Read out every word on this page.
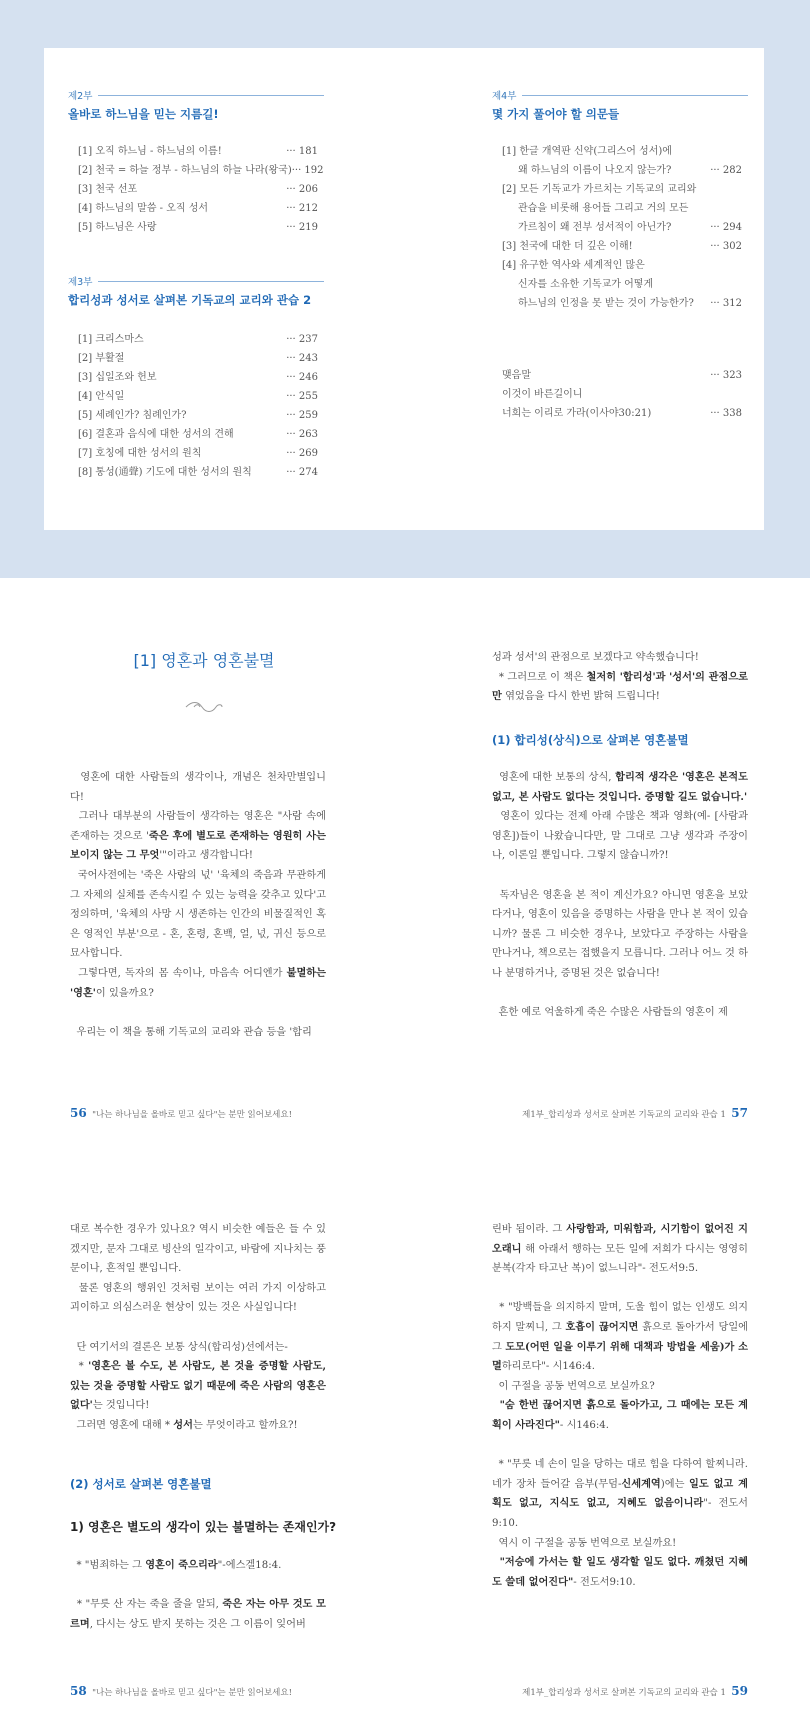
제2부
올바로 하느님을 믿는 지름길!
[1] 오직 하느님 - 하느님의 이름!	··· 181
[2] 천국 = 하늘 정부 - 하느님의 하늘 나라(왕국) ··· 192
[3] 천국 선포	··· 206
[4] 하느님의 말씀 - 오직 성서	··· 212
[5] 하느님은 사랑	··· 219
제3부
합리성과 성서로 살펴본 기독교의 교리와 관습 2
[1] 크리스마스	··· 237
[2] 부활절	··· 243
[3] 십일조와 헌보	··· 246
[4] 안식일	··· 255
[5] 세례인가? 침례인가?	··· 259
[6] 결혼과 음식에 대한 성서의 견해	··· 263
[7] 호칭에 대한 성서의 원칙	··· 269
[8] 통성(通聲) 기도에 대한 성서의 원칙	··· 274
제4부
몇 가지 풀어야 할 의문들
[1] 한글 개역판 신약(그리스어 성서)에
왜 하느님의 이름이 나오지 않는가?	··· 282
[2] 모든 기독교가 가르치는 기독교의 교리와
관습을 비롯해 용어들 그리고 거의 모든
가르침이 왜 전부 성서적이 아닌가?	··· 294
[3] 천국에 대한 더 깊은 이해!	··· 302
[4] 유구한 역사와 세계적인 많은
신자를 소유한 기독교가 어떻게
하느님의 인정을 못 받는 것이 가능한가? ··· 312
맺음말	··· 323
이것이 바른길이니
너희는 이리로 가라(이사야30:21)	··· 338
[1] 영혼과 영혼불멸

영혼에 대한 사람들의 생각이나, 개념은 천차만별입니다!

그러나 대부분의 사람들이 생각하는 영혼은 "사람 속에 존재하는 것으로 '죽은 후에 별도로 존재하는 영원히 사는 보이지 않는 그 무엇'"이라고 생각합니다!

국어사전에는 '죽은 사람의 넋' '육체의 죽음과 무관하게 그 자체의 실체를 존속시킬 수 있는 능력을 갖추고 있다'고 정의하며, '육체의 사망 시 생존하는 인간의 비물질적인 혹은 영적인 부분'으로 - 혼, 혼령, 혼백, 얼, 넋, 귀신 등으로 묘사합니다.

그렇다면, 독자의 몸 속이나, 마음속 어디엔가 불멸하는 '영혼'이 있을까요?

우리는 이 책을 통해 기독교의 교리와 관습 등을 '합리

성과 성서'의 관점으로 보겠다고 약속했습니다!

* 그러므로 이 책은 철저히 '합리성'과 '성서'의 관점으로만 엮었음을 다시 한번 밝혀 드립니다!

(1) 합리성(상식)으로 살펴본 영혼불멸

영혼에 대한 보통의 상식, 합리적 생각은 '영혼은 본적도 없고, 본 사람도 없다는 것입니다. 증명할 길도 없습니다.'

영혼이 있다는 전제 아래 수많은 책과 영화(예- [사람과 영혼])들이 나왔습니다만, 말 그대로 그냥 생각과 주장이나, 이론일 뿐입니다. 그렇지 않습니까?!

독자님은 영혼을 본 적이 계신가요? 아니면 영혼을 보았다거나, 영혼이 있음을 증명하는 사람을 만나 본 적이 있습니까? 물론 그 비슷한 경우나, 보았다고 주장하는 사람을 만나거나, 책으로는 접했을지 모릅니다. 그러나 어느 것 하나 분명하거나, 증명된 것은 없습니다!

흔한 예로 억울하게 죽은 수많은 사람들의 영혼이 제

56
"나는 하나님을 올바로 믿고 싶다"는 분만 읽어보세요!	제1부_합리성과 성서로 살펴본 기독교의 교리와 관습 1
57

대로 복수한 경우가 있나요? 역시 비슷한 예들은 들 수 있겠지만, 문자 그대로 빙산의 일각이고, 바람에 지나치는 풍문이나, 흔적일 뿐입니다.

물론 영혼의 행위인 것처럼 보이는 여러 가지 이상하고 괴이하고 의심스러운 현상이 있는 것은 사실입니다!

단 여기서의 결론은 보통 상식(합리성)선에서는-

* '영혼은 볼 수도, 본 사람도, 본 것을 증명할 사람도, 있는 것을 증명할 사람도 없기 때문에 죽은 사람의 영혼은 없다'는 것입니다!

그러면 영혼에 대해 * 성서는 무엇이라고 할까요?!

(2) 성서로 살펴본 영혼불멸
1) 영혼은 별도의 생각이 있는 불멸하는 존재인가?

* "범죄하는 그 영혼이 죽으리라"-에스겔18:4.

* "무릇 산 자는 죽을 줄을 알되, 죽은 자는 아무 것도 모르며, 다시는 상도 받지 못하는 것은 그 이름이 잊어버

린바 됨이라. 그 사랑함과, 미워함과, 시기함이 없어진 지 오래니 해 아래서 행하는 모든 일에 저희가 다시는 영영히 분복(각자 타고난 복)이 없느니라"- 전도서9:5.

* "방백들을 의지하지 말며, 도울 힘이 없는 인생도 의지하지 말찌니, 그 호흡이 끊어지면 흙으로 돌아가서 당일에 그 도모(어떤 일을 이루기 위해 대책과 방법을 세움)가 소멸하리로다"- 시146:4.

이 구절을 공동 번역으로 보실까요?

"숨 한번 끊어지면 흙으로 돌아가고, 그 때에는 모든 계획이 사라진다"- 시146:4.

* "무릇 네 손이 일을 당하는 대로 힘을 다하여 할찌니라. 네가 장차 들어갈 음부(무덤-신세계역)에는 일도 없고 계획도 없고, 지식도 없고, 지혜도 없음이니라"- 전도서9:10.

역시 이 구절을 공동 번역으로 보실까요!

"저승에 가서는 할 일도 생각할 일도 없다. 깨쳤던 지혜도 쓸데 없어진다"- 전도서9:10.

58
"나는 하나님을 올바로 믿고 싶다"는 분만 읽어보세요!	제1부_합리성과 성서로 살펴본 기독교의 교리와 관습 1
59
